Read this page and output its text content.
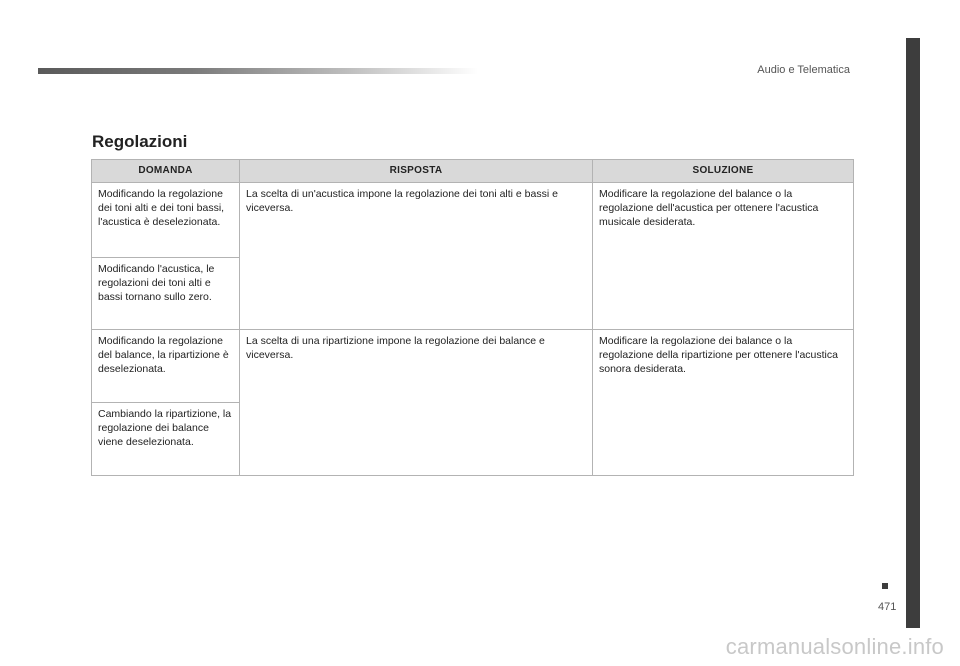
Audio e Telematica
471
Regolazioni
DOMANDA	RISPOSTA	SOLUZIONE
Modificando la regolazione dei toni alti e dei toni bassi, l'acustica è deselezionata.	La scelta di un'acustica impone la regolazione dei toni alti e bassi e viceversa.	Modificare la regolazione del balance o la regolazione dell'acustica per ottenere l'acustica musicale desiderata.
Modificando l'acustica, le regolazioni dei toni alti e bassi tornano sullo zero.		
Modificando la regolazione del balance, la ripartizione è deselezionata.	La scelta di una ripartizione impone la regolazione dei balance e viceversa.	Modificare la regolazione dei balance o la regolazione della ripartizione per ottenere l'acustica sonora desiderata.
Cambiando la ripartizione, la regolazione dei balance viene deselezionata.		
carmanualsonline.info
